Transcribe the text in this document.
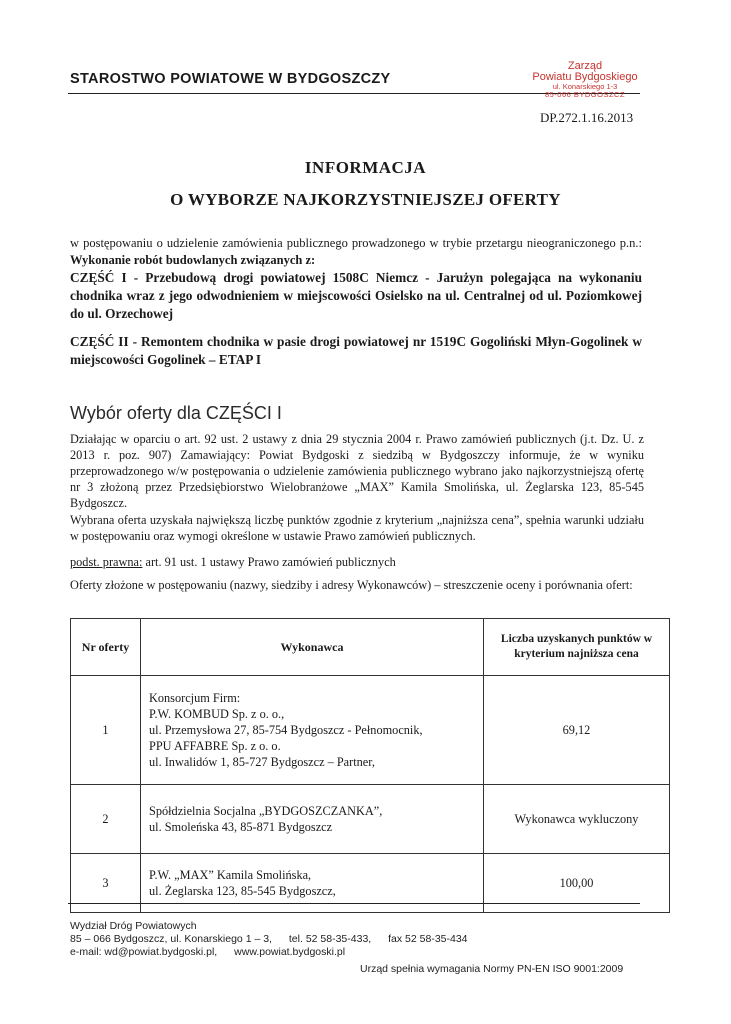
STAROSTWO POWIATOWE W BYDGOSZCZY
Zarząd
Powiatu Bydgoskiego
ul. Konarskiego 1-3
85-066 BYDGOSZCZ
DP.272.1.16.2013
INFORMACJA
O WYBORZE NAJKORZYSTNIEJSZEJ OFERTY
w postępowaniu o udzielenie zamówienia publicznego prowadzonego w trybie przetargu nieograniczonego p.n.: Wykonanie robót budowlanych związanych z:
CZĘŚĆ I - Przebudową drogi powiatowej 1508C Niemcz - Jarużyn polegająca na wykonaniu chodnika wraz z jego odwodnieniem w miejscowości Osielsko na ul. Centralnej od ul. Poziomkowej do ul. Orzechowej
CZĘŚĆ II - Remontem chodnika w pasie drogi powiatowej nr 1519C Gogoliński Młyn-Gogolinek w miejscowości Gogolinek – ETAP I
Wybór oferty dla CZĘŚCI I
Działając w oparciu o art. 92 ust. 2 ustawy z dnia 29 stycznia 2004 r. Prawo zamówień publicznych (j.t. Dz. U. z 2013 r. poz. 907) Zamawiający: Powiat Bydgoski z siedzibą w Bydgoszczy informuje, że w wyniku przeprowadzonego w/w postępowania o udzielenie zamówienia publicznego wybrano jako najkorzystniejszą ofertę nr 3 złożoną przez Przedsiębiorstwo Wielobranżowe „MAX” Kamila Smolińska, ul. Żeglarska 123, 85-545 Bydgoszcz.
Wybrana oferta uzyskała największą liczbę punktów zgodnie z kryterium „najniższa cena”, spełnia warunki udziału w postępowaniu oraz wymogi określone w ustawie Prawo zamówień publicznych.
podst. prawna: art. 91 ust. 1 ustawy Prawo zamówień publicznych
Oferty złożone w postępowaniu (nazwy, siedziby i adresy Wykonawców) – streszczenie oceny i porównania ofert:
Nr oferty	Wykonawca	Liczba uzyskanych punktów w kryterium najniższa cena
1	Konsorcjum Firm:
P.W. KOMBUD Sp. z o. o.,
ul. Przemysłowa 27, 85-754 Bydgoszcz - Pełnomocnik,
PPU AFFABRE Sp. z o. o.
ul. Inwalidów 1, 85-727 Bydgoszcz – Partner,	69,12
2	Spółdzielnia Socjalna „BYDGOSZCZANKA”,
ul. Smoleńska 43, 85-871 Bydgoszcz	Wykonawca wykluczony
3	P.W. „MAX” Kamila Smolińska,
ul. Żeglarska 123, 85-545 Bydgoszcz,	100,00
Wydział Dróg Powiatowych
85 – 066 Bydgoszcz, ul. Konarskiego 1 – 3, tel. 52 58-35-433, fax 52 58-35-434
e-mail: wd@powiat.bydgoski.pl, www.powiat.bydgoski.pl
Urząd spełnia wymagania Normy PN-EN ISO 9001:2009
